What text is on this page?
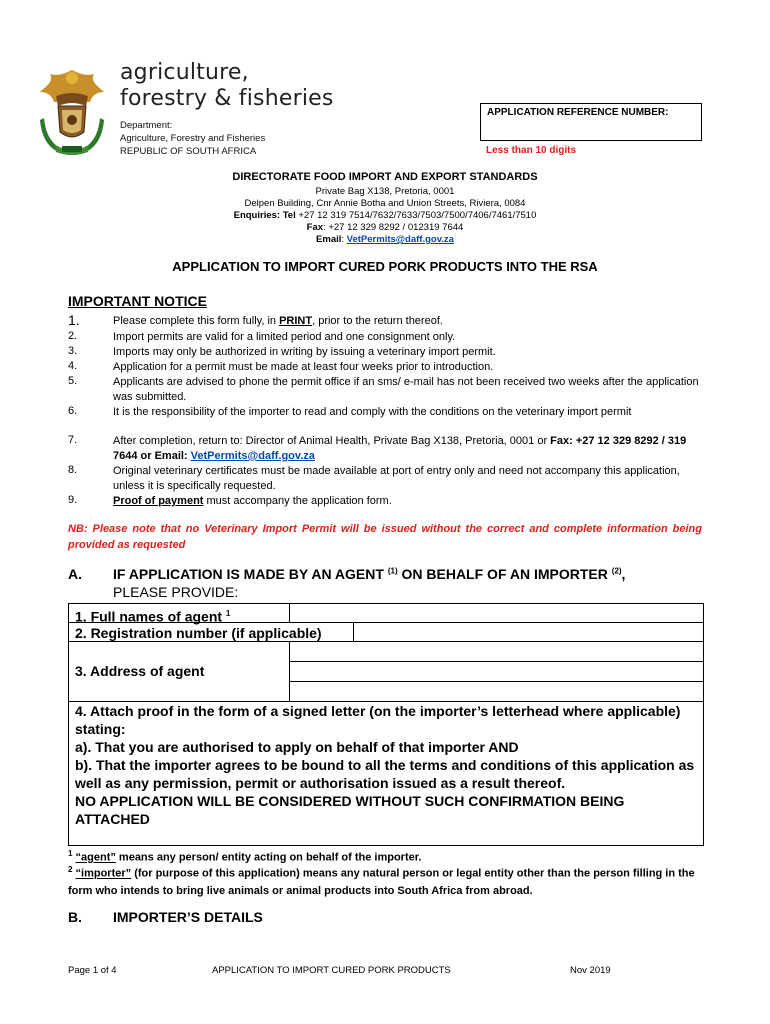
agriculture,
forestry & fisheries
Department:
Agriculture, Forestry and Fisheries
REPUBLIC OF SOUTH AFRICA
APPLICATION REFERENCE NUMBER:
Less than 10 digits
DIRECTORATE FOOD IMPORT AND EXPORT STANDARDS
Private Bag X138, Pretoria, 0001
Delpen Building, Cnr Annie Botha and Union Streets, Riviera, 0084
Enquiries: Tel +27 12 319 7514/7632/7633/7503/7500/7406/7461/7510
Fax: +27 12 329 8292 / 012319 7644
Email: VetPermits@daff.gov.za
APPLICATION TO IMPORT CURED PORK PRODUCTS INTO THE RSA
IMPORTANT NOTICE
1.	Please complete this form fully, in PRINT, prior to the return thereof.
2.	Import permits are valid for a limited period and one consignment only.
3.	Imports may only be authorized in writing by issuing a veterinary import permit.
4.	Application for a permit must be made at least four weeks prior to introduction.
5.	Applicants are advised to phone the permit office if an sms/ e-mail has not been received two weeks after the application was submitted.
6.	It is the responsibility of the importer to read and comply with the conditions on the veterinary import permit
7.	After completion, return to: Director of Animal Health, Private Bag X138, Pretoria, 0001 or Fax: +27 12 329 8292 / 319 7644 or Email: VetPermits@daff.gov.za
8.	Original veterinary certificates must be made available at port of entry only and need not accompany this application, unless it is specifically requested.
9.	Proof of payment must accompany the application form.
NB: Please note that no Veterinary Import Permit will be issued without the correct and complete information being provided as requested
A. IF APPLICATION IS MADE BY AN AGENT $^{(1)}$ ON BEHALF OF AN IMPORTER $^{(2)}$,
PLEASE PROVIDE:
1. Full names of agent $^1$
2. Registration number (if applicable)
3. Address of agent
4. Attach proof in the form of a signed letter (on the importer’s letterhead where applicable) stating:
a). That you are authorised to apply on behalf of that importer AND
b). That the importer agrees to be bound to all the terms and conditions of this application as well as any permission, permit or authorisation issued as a result thereof.
NO APPLICATION WILL BE CONSIDERED WITHOUT SUCH CONFIRMATION BEING ATTACHED
$^1$ “agent” means any person/ entity acting on behalf of the importer.
$^2$ “importer” (for purpose of this application) means any natural person or legal entity other than the person filling in the form who intends to bring live animals or animal products into South Africa from abroad.
B. IMPORTER’S DETAILS
Page 1 of 4	APPLICATION TO IMPORT CURED PORK PRODUCTS	Nov 2019
